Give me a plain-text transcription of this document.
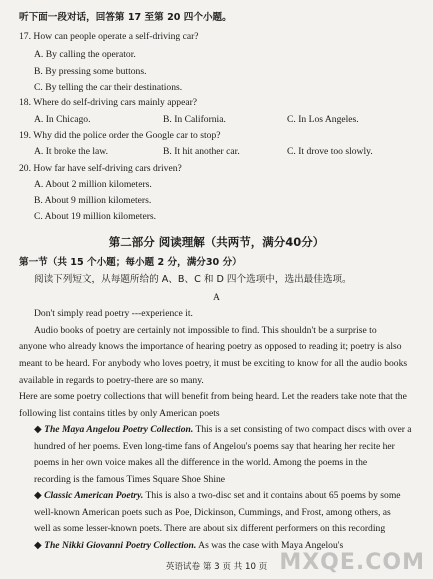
听下面一段对话，回答第 17 至第 20 四个小题。
17. How can people operate a self-driving car?
A. By calling the operator.
B. By pressing some buttons.
C. By telling the car their destinations.
18. Where do self-driving cars mainly appear?
A. In Chicago.	B. In California.	C. In Los Angeles.
19. Why did the police order the Google car to stop?
A. It broke the law.	B. It hit another car.	C. It drove too slowly.
20. How far have self-driving cars driven?
A. About 2 million kilometers.
B. About 9 million kilometers.
C. About 19 million kilometers.
第二部分 阅读理解（共两节，满分40分）
第一节（共 15 个小题；每小题 2 分，满分30 分）
阅读下列短文，从每题所给的 A、B、C 和 D 四个选项中，选出最佳选项。
A
Don't simply read poetry ---experience it.
Audio books of poetry are certainly not impossible to find. This shouldn't be a surprise to
anyone who already knows the importance of hearing poetry as opposed to reading it; poetry is also
meant to be heard. For anybody who loves poetry, it must be exciting to know for all the audio books
available in regards to poetry-there are so many.
Here are some poetry collections that will benefit from being heard. Let the readers take note that the
following list contains titles by only American poets
◆ The Maya Angelou Poetry Collection. This is a set consisting of two compact discs with over a
hundred of her poems. Even long-time fans of Angelou's poems say that hearing her recite her
poems in her own voice makes all the difference in the world. Among the poems in the
recording is the famous Times Square Shoe Shine
◆ Classic American Poetry. This is also a two-disc set and it contains about 65 poems by some
well-known American poets such as Poe, Dickinson, Cummings, and Frost, among others, as
well as some lesser-known poets. There are about six different performers on this recording
◆ The Nikki Giovanni Poetry Collection. As was the case with Maya Angelou's
英语试卷 第 3 页 共 10 页 MXQE.COM
